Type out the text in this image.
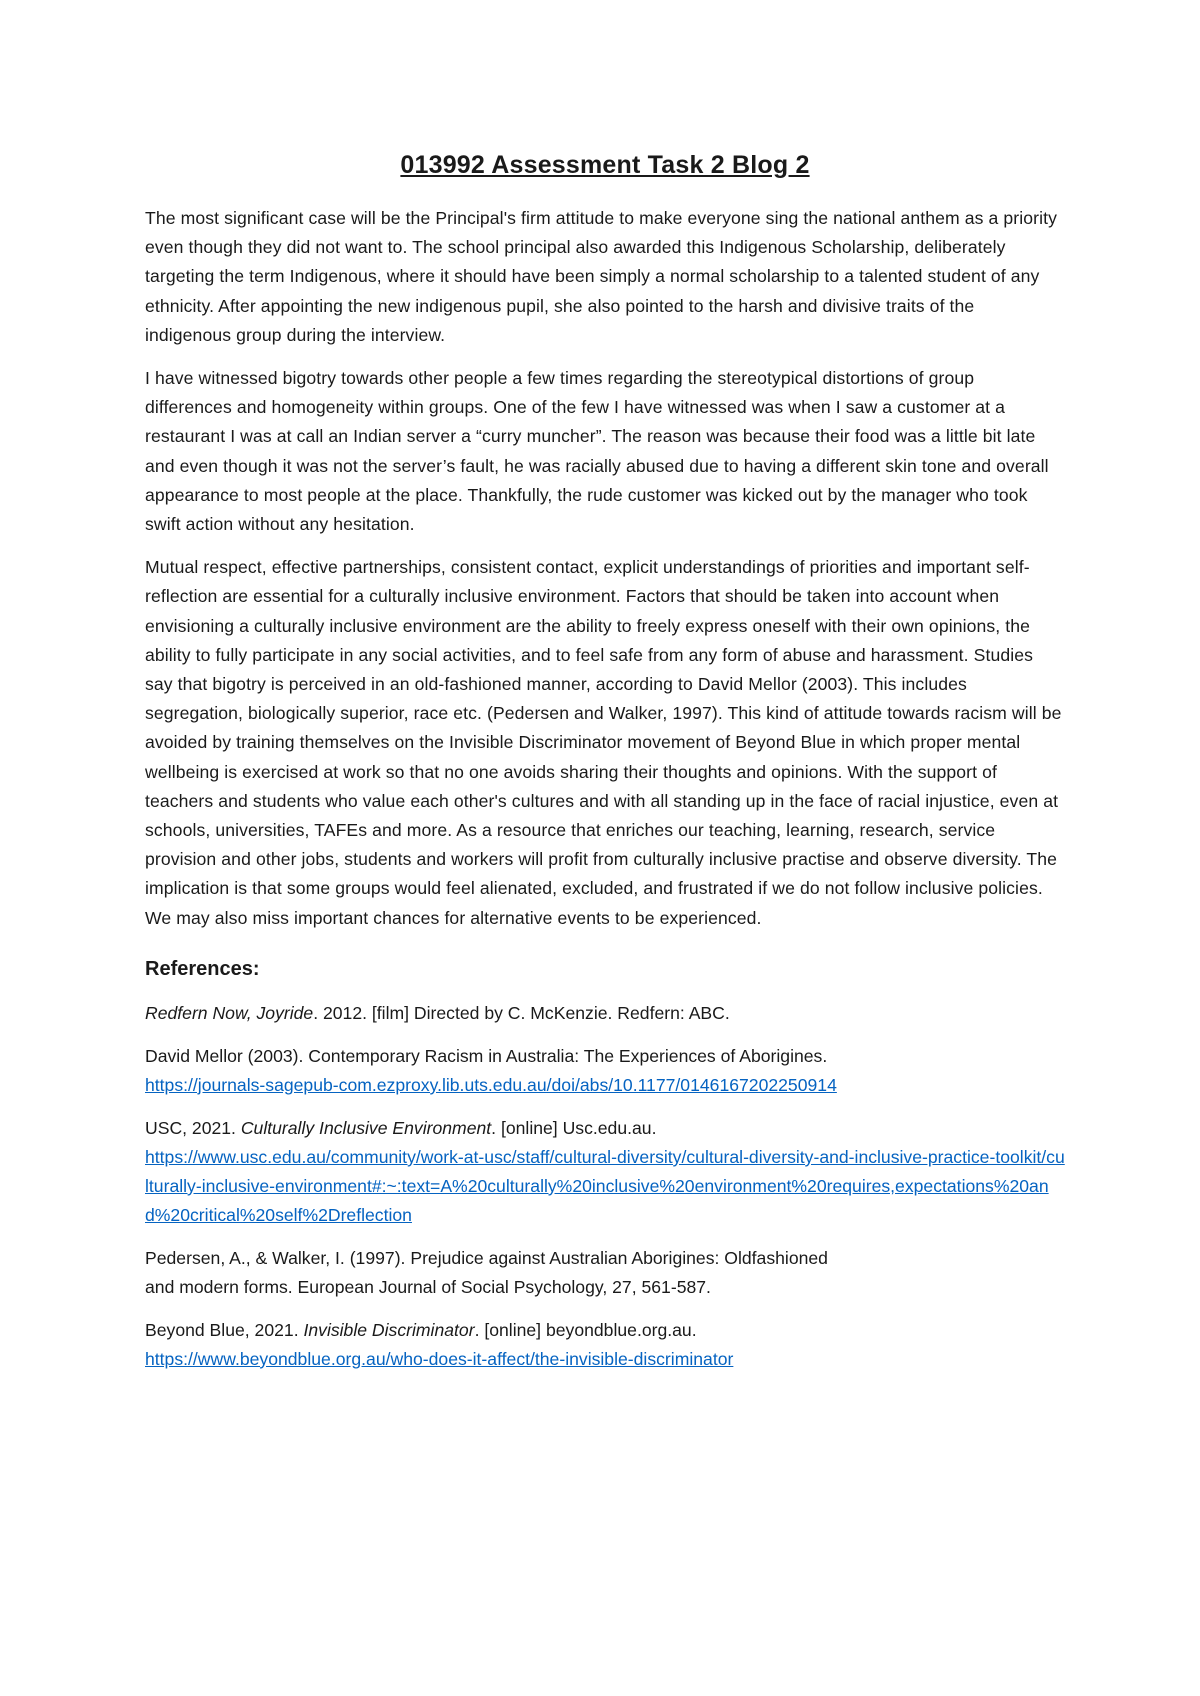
013992 Assessment Task 2 Blog 2

The most significant case will be the Principal's firm attitude to make everyone sing the national anthem as a priority even though they did not want to. The school principal also awarded this Indigenous Scholarship, deliberately targeting the term Indigenous, where it should have been simply a normal scholarship to a talented student of any ethnicity. After appointing the new indigenous pupil, she also pointed to the harsh and divisive traits of the indigenous group during the interview.

I have witnessed bigotry towards other people a few times regarding the stereotypical distortions of group differences and homogeneity within groups. One of the few I have witnessed was when I saw a customer at a restaurant I was at call an Indian server a “curry muncher”. The reason was because their food was a little bit late and even though it was not the server’s fault, he was racially abused due to having a different skin tone and overall appearance to most people at the place. Thankfully, the rude customer was kicked out by the manager who took swift action without any hesitation.

Mutual respect, effective partnerships, consistent contact, explicit understandings of priorities and important self-reflection are essential for a culturally inclusive environment. Factors that should be taken into account when envisioning a culturally inclusive environment are the ability to freely express oneself with their own opinions, the ability to fully participate in any social activities, and to feel safe from any form of abuse and harassment. Studies say that bigotry is perceived in an old-fashioned manner, according to David Mellor (2003). This includes segregation, biologically superior, race etc. (Pedersen and Walker, 1997). This kind of attitude towards racism will be avoided by training themselves on the Invisible Discriminator movement of Beyond Blue in which proper mental wellbeing is exercised at work so that no one avoids sharing their thoughts and opinions. With the support of teachers and students who value each other's cultures and with all standing up in the face of racial injustice, even at schools, universities, TAFEs and more. As a resource that enriches our teaching, learning, research, service provision and other jobs, students and workers will profit from culturally inclusive practise and observe diversity. The implication is that some groups would feel alienated, excluded, and frustrated if we do not follow inclusive policies. We may also miss important chances for alternative events to be experienced.

References:
Redfern Now, Joyride. 2012. [film] Directed by C. McKenzie. Redfern: ABC.
David Mellor (2003). Contemporary Racism in Australia: The Experiences of Aborigines.
https://journals-sagepub-com.ezproxy.lib.uts.edu.au/doi/abs/10.1177/0146167202250914
USC, 2021. Culturally Inclusive Environment. [online] Usc.edu.au.
https://www.usc.edu.au/community/work-at-usc/staff/cultural-diversity/cultural-diversity-and-inclusive-practice-toolkit/culturally-inclusive-environment#:~:text=A%20culturally%20inclusive%20environment%20requires,expectations%20and%20critical%20self%2Dreflection
Pedersen, A., & Walker, I. (1997). Prejudice against Australian Aborigines: Oldfashioned
and modern forms. European Journal of Social Psychology, 27, 561-587.
Beyond Blue, 2021. Invisible Discriminator. [online] beyondblue.org.au.
https://www.beyondblue.org.au/who-does-it-affect/the-invisible-discriminator
